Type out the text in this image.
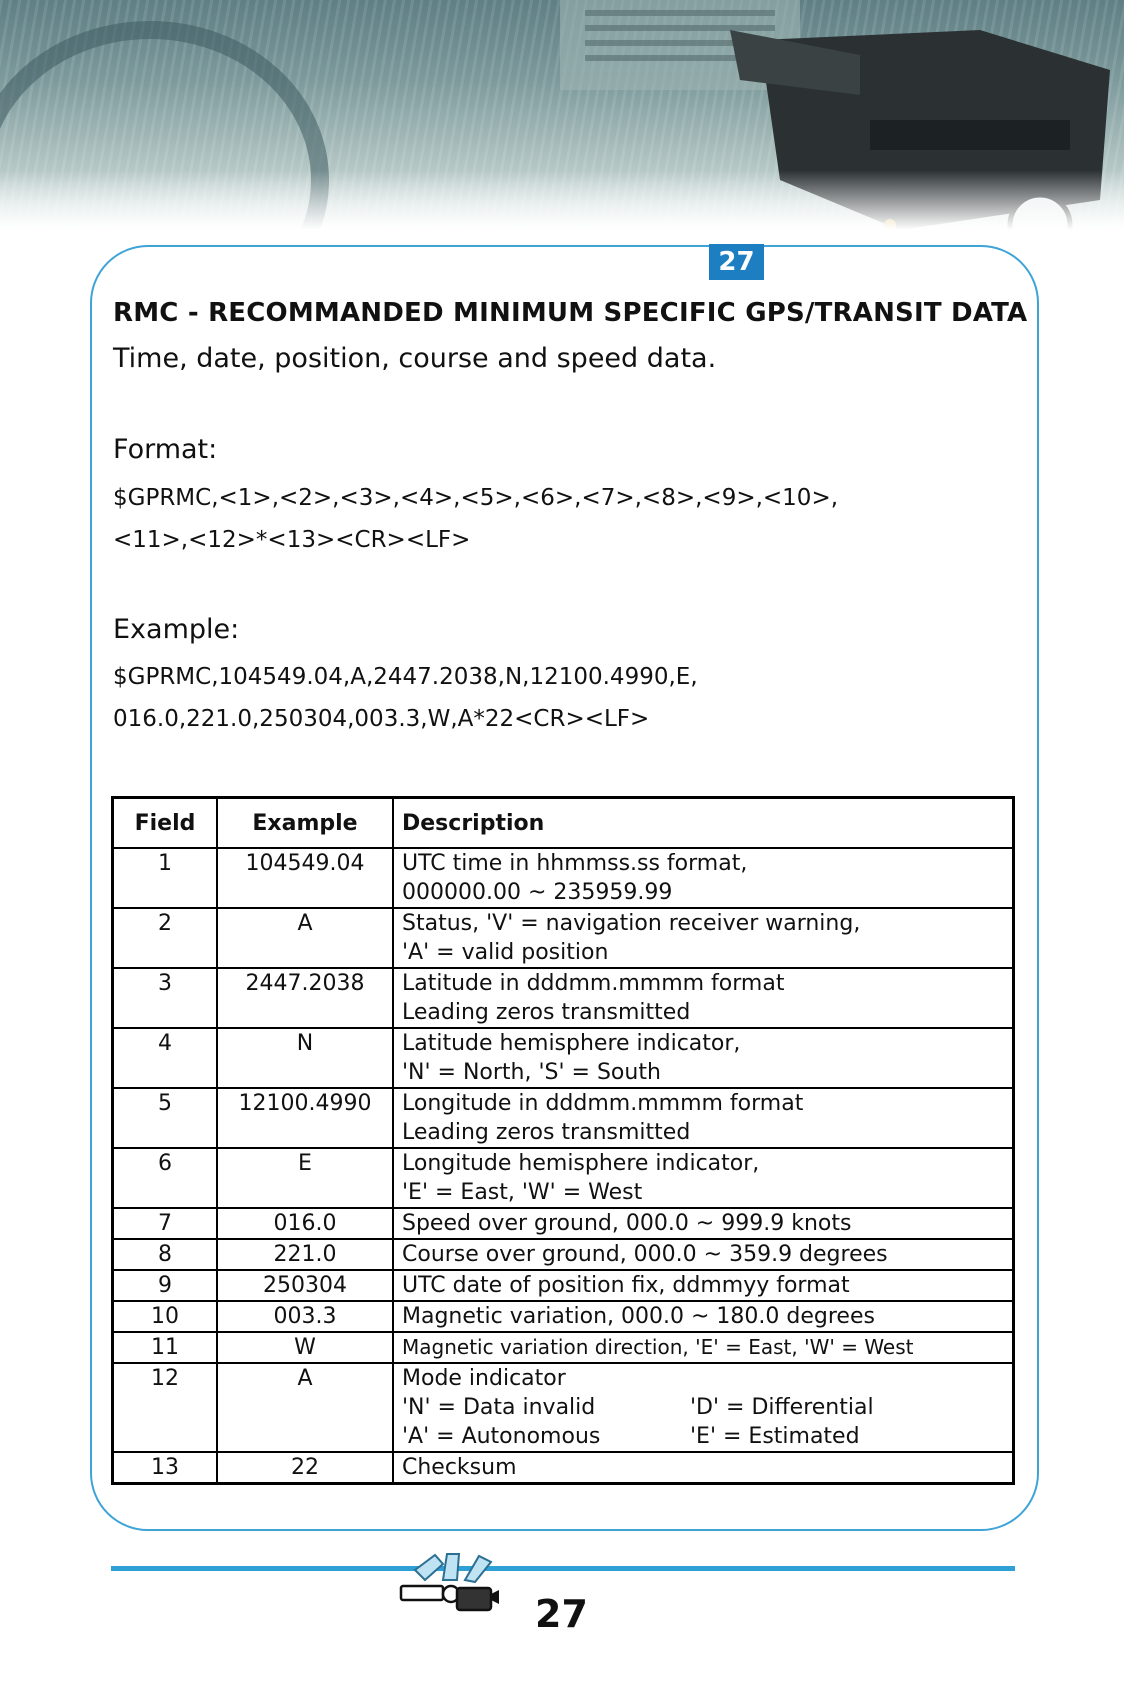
27
RMC - RECOMMANDED MINIMUM SPECIFIC GPS/TRANSIT DATA
Time, date, position, course and speed data.
Format:
$GPRMC,<1>,<2>,<3>,<4>,<5>,<6>,<7>,<8>,<9>,<10>,
<11>,<12>*<13><CR><LF>
Example:
$GPRMC,104549.04,A,2447.2038,N,12100.4990,E,
016.0,221.0,250304,003.3,W,A*22<CR><LF>
Field	Example	Description
1	104549.04	UTC time in hhmmss.ss format,
000000.00 ~ 235959.99

2	A	Status, 'V' = navigation receiver warning,
'A' = valid position

3	2447.2038	Latitude in dddmm.mmmm format
Leading zeros transmitted

4	N	Latitude hemisphere indicator,
'N' = North, 'S' = South

5	12100.4990	Longitude in dddmm.mmmm format
Leading zeros transmitted

6	E	Longitude hemisphere indicator,
'E' = East, 'W' = West

7	016.0	Speed over ground, 000.0 ~ 999.9 knots
8	221.0	Course over ground, 000.0 ~ 359.9 degrees
9	250304	UTC date of position fix, ddmmyy format
10	003.3	Magnetic variation, 000.0 ~ 180.0 degrees
11	W	Magnetic variation direction, 'E' = East, 'W' = West
12	A	Mode indicator
'N' = Data invalid 'D' = Differential
'A' = Autonomous 'E' = Estimated

13	22	Checksum
27
